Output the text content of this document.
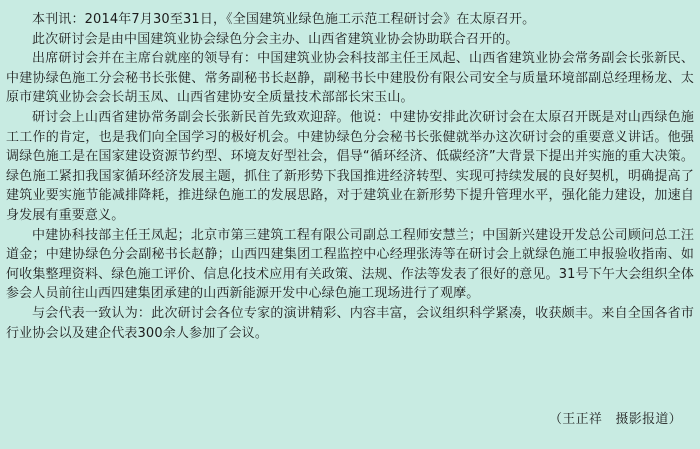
本刊讯：2014年7月30至31日，《全国建筑业绿色施工示范工程研讨会》在太原召开。

此次研讨会是由中国建筑业协会绿色分会主办、山西省建筑业协会协助联合召开的。

出席研讨会并在主席台就座的领导有：中国建筑业协会科技部主任王凤起、山西省建筑业协会常务副会长张新民、中建协绿色施工分会秘书长张健、常务副秘书长赵静，副秘书长中建股份有限公司安全与质量环境部副总经理杨龙、太原市建筑业协会会长胡玉凤、山西省建协安全质量技术部部长宋玉山。

研讨会上山西省建协常务副会长张新民首先致欢迎辞。他说：中建协安排此次研讨会在太原召开既是对山西绿色施工工作的肯定，也是我们向全国学习的极好机会。中建协绿色分会秘书长张健就举办这次研讨会的重要意义讲话。他强调绿色施工是在国家建设资源节约型、环境友好型社会，倡导“循环经济、低碳经济”大背景下提出并实施的重大决策。绿色施工紧扣我国家循环经济发展主题，抓住了新形势下我国推进经济转型、实现可持续发展的良好契机，明确提高了建筑业要实施节能减排降耗，推进绿色施工的发展思路，对于建筑业在新形势下提升管理水平，强化能力建设，加速自身发展有重要意义。

中建协科技部主任王凤起；北京市第三建筑工程有限公司副总工程师安慧兰；中国新兴建设开发总公司顾问总工汪道金；中建协绿色分会副秘书长赵静；山西四建集团工程监控中心经理张涛等在研讨会上就绿色施工申报验收指南、如何收集整理资料、绿色施工评价、信息化技术应用有关政策、法规、作法等发表了很好的意见。31号下午大会组织全体参会人员前往山西四建集团承建的山西新能源开发中心绿色施工现场进行了观摩。

与会代表一致认为：此次研讨会各位专家的演讲精彩、内容丰富，会议组织科学紧凑，收获颇丰。来自全国各省市行业协会以及建企代表300余人参加了会议。

（王正祥　摄影报道）
